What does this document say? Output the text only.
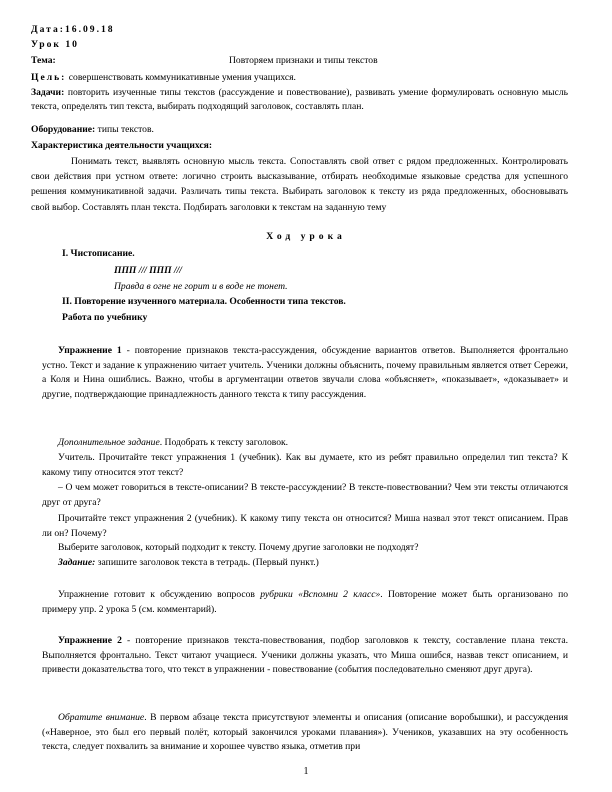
Дата:16.09.18
Урок 10
Тема:	Повторяем признаки и типы текстов
Цель: совершенствовать коммуникативные умения учащихся.
Задачи: повторить изученные типы текстов (рассуждение и повествование), развивать умение формулировать основную мысль текста, определять тип текста, выбирать подходящий заголовок, составлять план.
Оборудование: типы текстов.
Характеристика деятельности учащихся:
Понимать текст, выявлять основную мысль текста. Сопоставлять свой ответ с рядом предложенных. Контролировать свои действия при устном ответе: логично строить высказывание, отбирать необходимые языковые средства для успешного решения коммуникативной задачи. Различать типы текста. Выбирать заголовок к тексту из ряда предложенных, обосновывать свой выбор. Составлять план текста. Подбирать заголовки к текстам на заданную тему
Ход урока
I. Чистописание.
ППП /// ППП ///
Правда в огне не горит и в воде не тонет.
II. Повторение изученного материала. Особенности типа текстов.
Работа по учебнику
Упражнение 1 - повторение признаков текста-рассуждения, обсуждение вариантов ответов. Выполняется фронтально устно. Текст и задание к упражнению читает учитель. Ученики должны объяснить, почему правильным является ответ Сережи, а Коля и Нина ошиблись. Важно, чтобы в аргументации ответов звучали слова «объясняет», «показывает», «доказывает» и другие, подтверждающие принадлежность данного текста к типу рассуждения.
Дополнительное задание. Подобрать к тексту заголовок.
Учитель. Прочитайте текст упражнения 1 (учебник). Как вы думаете, кто из ребят правильно определил тип текста? К какому типу относится этот текст?
– О чем может говориться в тексте-описании? В тексте-рассуждении? В тексте-повествовании? Чем эти тексты отличаются друг от друга?
Прочитайте текст упражнения 2 (учебник). К какому типу текста он относится? Миша назвал этот текст описанием. Прав ли он? Почему?
Выберите заголовок, который подходит к тексту. Почему другие заголовки не подходят?
Задание: запишите заголовок текста в тетрадь. (Первый пункт.)
Упражнение готовит к обсуждению вопросов рубрики «Вспомни 2 класс». Повторение может быть организовано по примеру упр. 2 урока 5 (см. комментарий).
Упражнение 2 - повторение признаков текста-повествования, подбор заголовков к тексту, составление плана текста. Выполняется фронтально. Текст читают учащиеся. Ученики должны указать, что Миша ошибся, назвав текст описанием, и привести доказательства того, что текст в упражнении - повествование (события последовательно сменяют друг друга).
Обратите внимание. В первом абзаце текста присутствуют элементы и описания (описание воробышки), и рассуждения («Наверное, это был его первый полёт, который закончился уроками плавания»). Учеников, указавших на эту особенность текста, следует похвалить за внимание и хорошее чувство языка, отметив при
1
